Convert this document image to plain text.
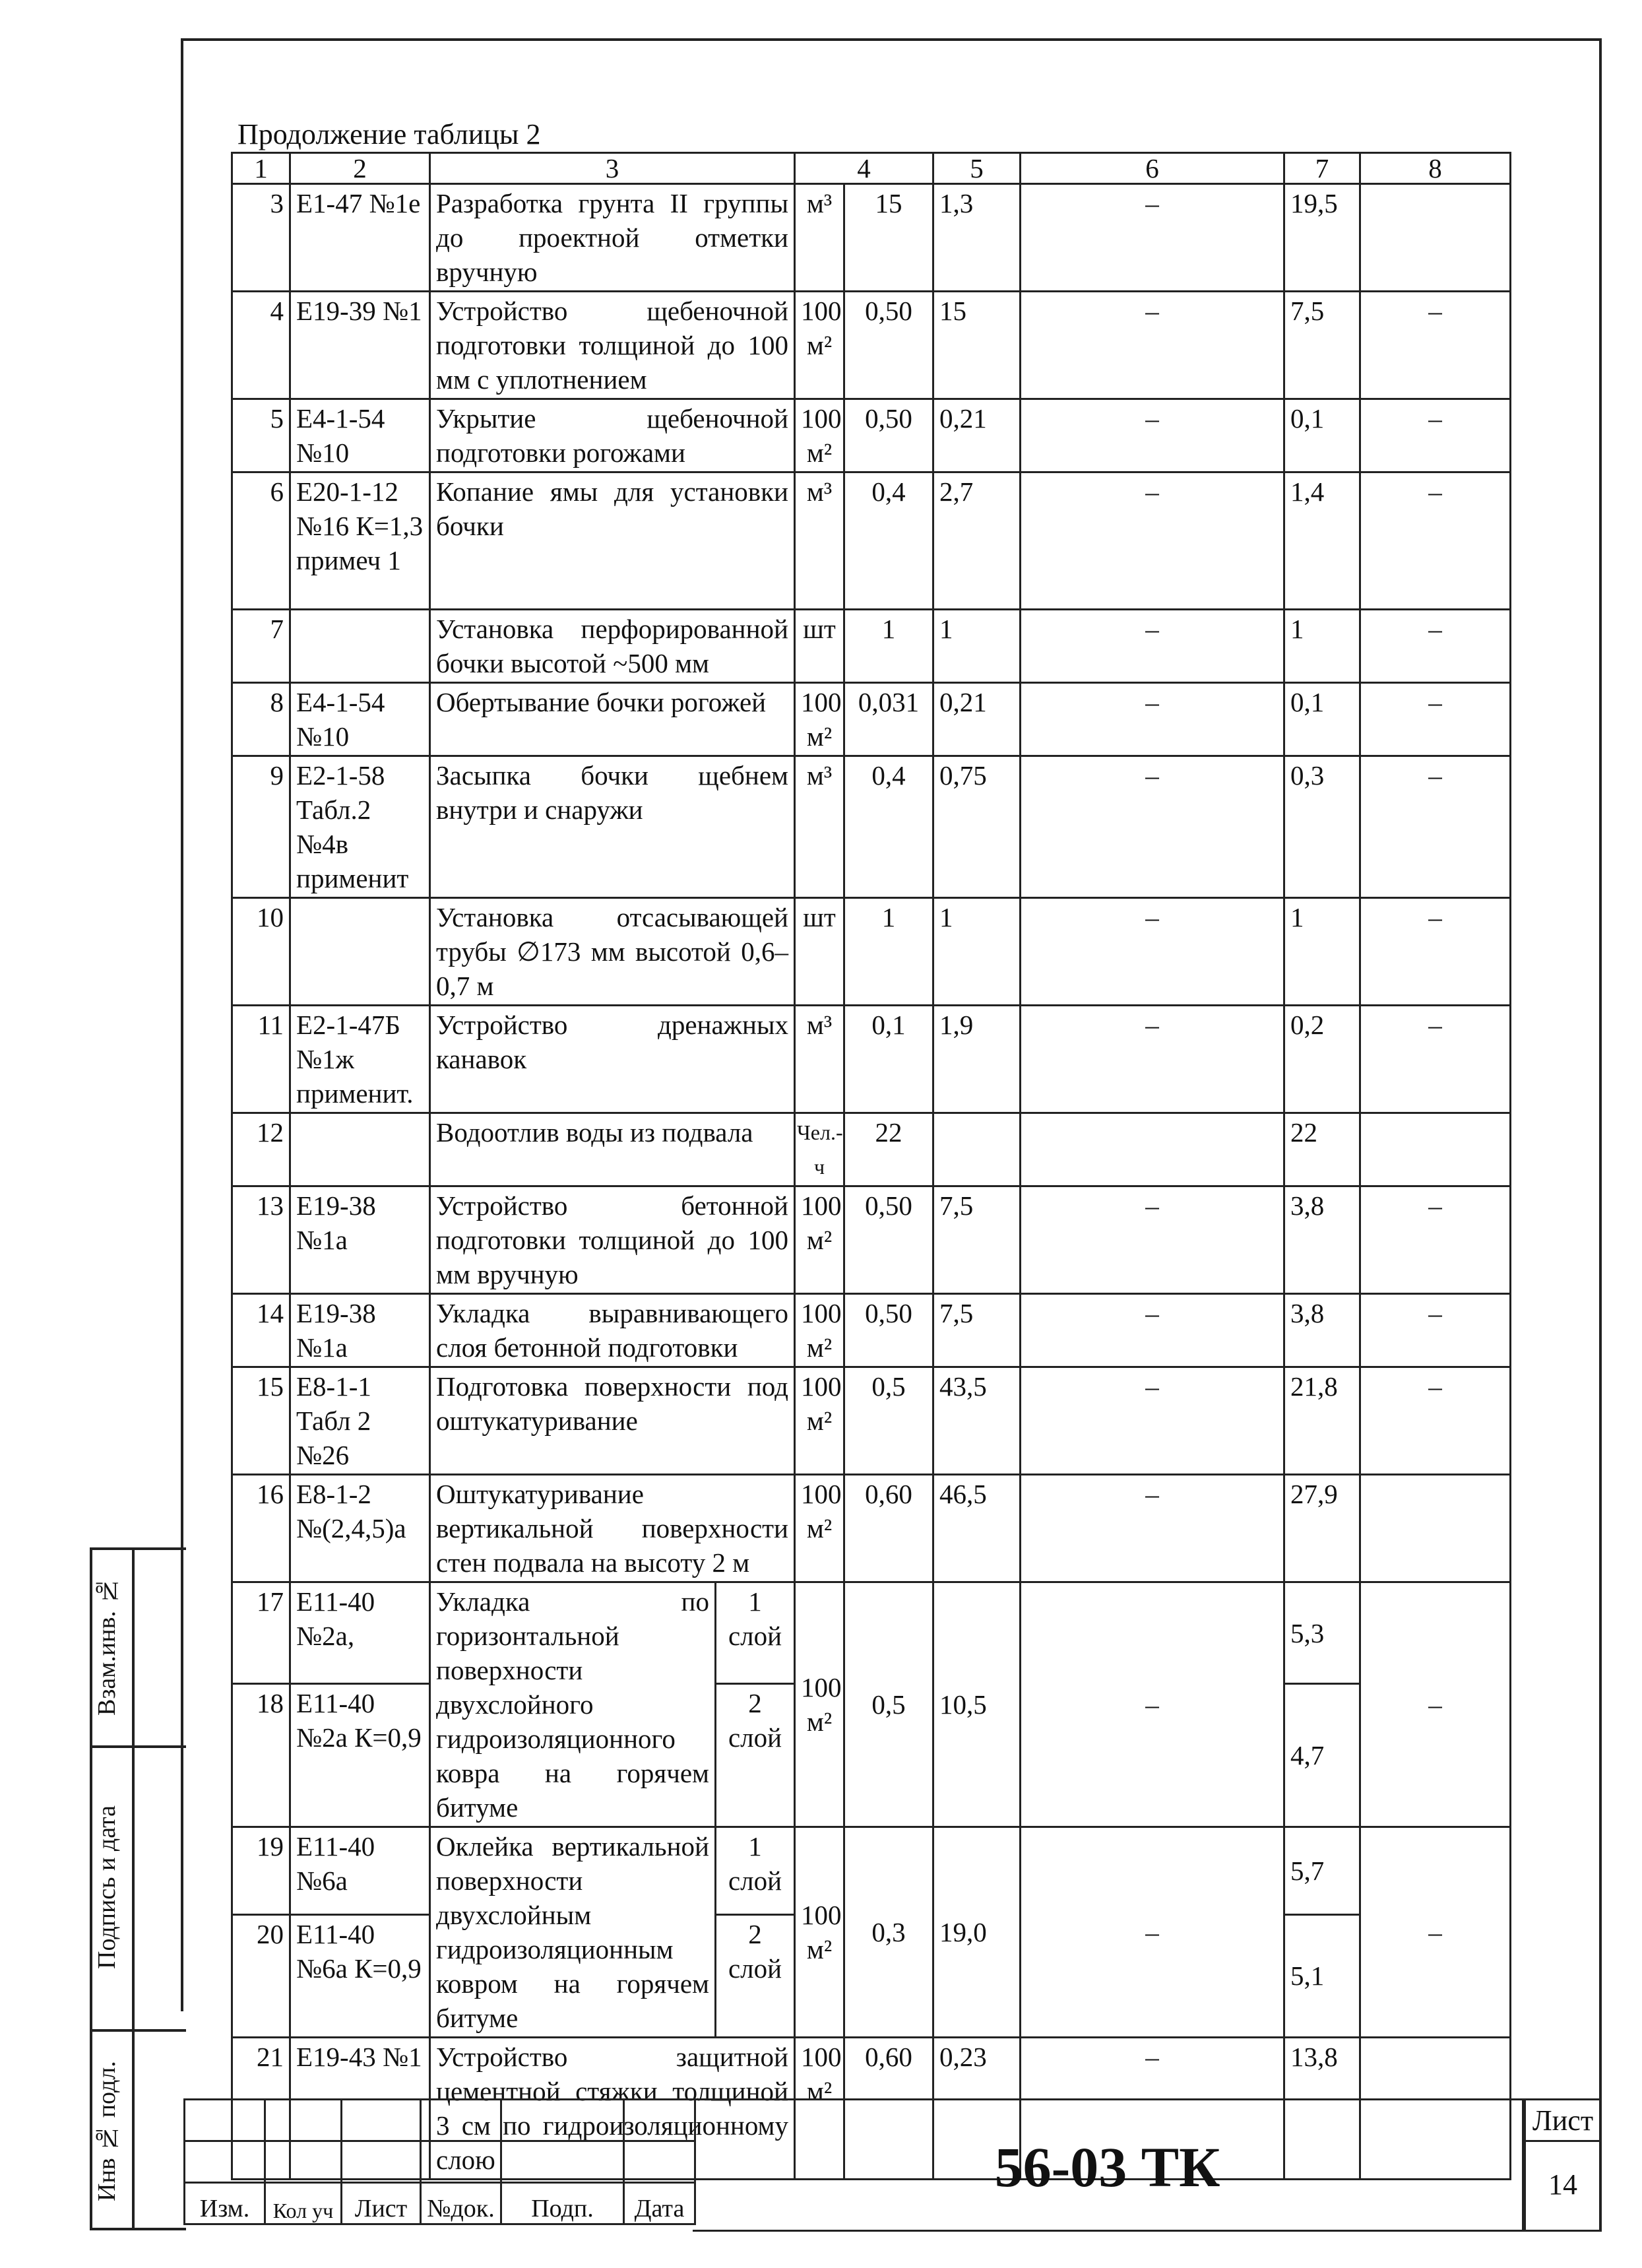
Продолжение таблицы 2
1	2	3		4		5	6	7	8
3	Е1-47 №1е	Разработка грунта II группы до проектной отметки вручную		м³	15	1,3	–	19,5	
4	Е19-39 №1	Устройство щебеночной подготовки толщиной до 100 мм с уплотнением		100 м²	0,50	15	–	7,5	–
5	Е4-1-54 №10	Укрытие щебеночной подготовки рогожами		100 м²	0,50	0,21	–	0,1	–
6	Е20-1-12 №16 К=1,3 примеч 1	Копание ямы для установки бочки		м³	0,4	2,7	–	1,4	–
7		Установка перфорированной бочки высотой ~500 мм		шт	1	1	–	1	–
8	Е4-1-54 №10	Обертывание бочки рогожей		100 м²	0,031	0,21	–	0,1	–
9	Е2-1-58 Табл.2 №4в применит	Засыпка бочки щебнем внутри и снаружи		м³	0,4	0,75	–	0,3	–
10		Установка отсасывающей трубы ∅173 мм высотой 0,6–0,7 м		шт	1	1	–	1	–
11	Е2-1-47Б №1ж применит.	Устройство дренажных канавок		м³	0,1	1,9	–	0,2	–
12		Водоотлив воды из подвала		Чел.-ч	22			22	
13	Е19-38 №1а	Устройство бетонной подготовки толщиной до 100 мм вручную		100 м²	0,50	7,5	–	3,8	–
14	Е19-38 №1а	Укладка выравнивающего слоя бетонной подготовки		100 м²	0,50	7,5	–	3,8	–
15	Е8-1-1 Табл 2 №26	Подготовка поверхности под оштукатуривание		100 м²	0,5	43,5	–	21,8	–
16	Е8-1-2 №(2,4,5)а	Оштукатуривание вертикальной поверхности стен подвала на высоту 2 м		100 м²	0,60	46,5	–	27,9	
17	Е11-40 №2а,	Укладка по горизонтальной поверхности двухслойного гидроизоляционного ковра на горячем битуме	1 слой	100 м²	0,5	10,5	–	5,3	–
18	Е11-40 №2а К=0,9		2 слой					4,7	
19	Е11-40 №6а	Оклейка вертикальной поверхности двухслойным гидроизоляционным ковром на горячем битуме	1 слой	100 м²	0,3	19,0	–	5,7	–
20	Е11-40 №6а К=0,9		2 слой					5,1	
21	Е19-43 №1	Устройство защитной цементной стяжки толщиной 3 см по гидроизоляционному слою		100 м²	0,60	0,23	–	13,8	
Взам.инв. №
Подпись и дата
Инв № подл.

Изм.	Кол уч	Лист	№док.	Подп.	Дата
56-03 ТК
Лист
14
